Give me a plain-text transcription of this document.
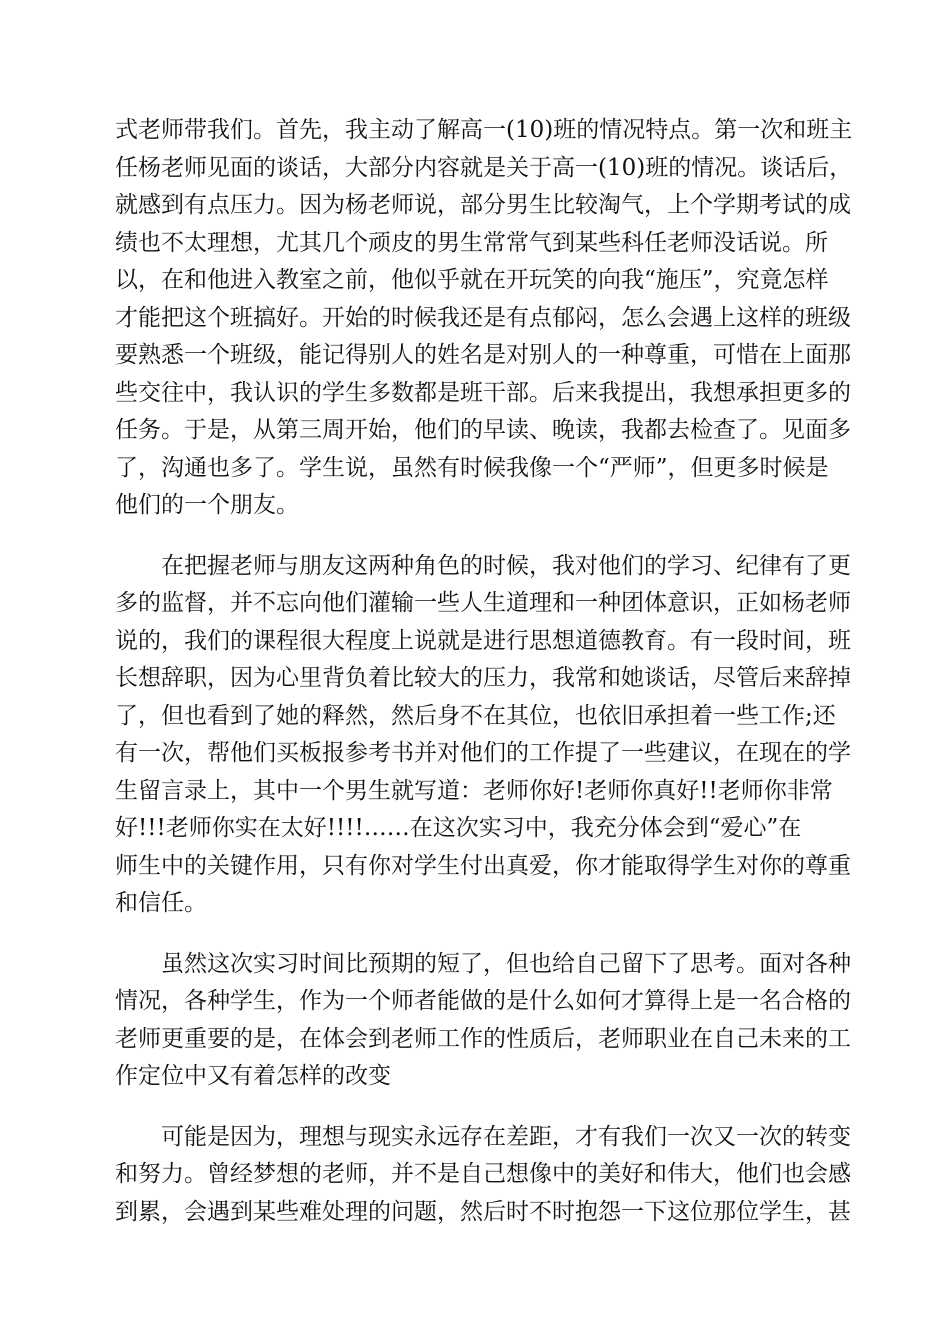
式老师带我们。首先，我主动了解高一(10)班的情况特点。第一次和班主
任杨老师见面的谈话，大部分内容就是关于高一(10)班的情况。谈话后，
就感到有点压力。因为杨老师说，部分男生比较淘气，上个学期考试的成
绩也不太理想，尤其几个顽皮的男生常常气到某些科任老师没话说。所
以，在和他进入教室之前，他似乎就在开玩笑的向我“施压”，究竟怎样
才能把这个班搞好。开始的时候我还是有点郁闷，怎么会遇上这样的班级
要熟悉一个班级，能记得别人的姓名是对别人的一种尊重，可惜在上面那
些交往中，我认识的学生多数都是班干部。后来我提出，我想承担更多的
任务。于是，从第三周开始，他们的早读、晚读，我都去检查了。见面多
了，沟通也多了。学生说，虽然有时候我像一个“严师”，但更多时候是
他们的一个朋友。
　　在把握老师与朋友这两种角色的时候，我对他们的学习、纪律有了更
多的监督，并不忘向他们灌输一些人生道理和一种团体意识，正如杨老师
说的，我们的课程很大程度上说就是进行思想道德教育。有一段时间，班
长想辞职，因为心里背负着比较大的压力，我常和她谈话，尽管后来辞掉
了，但也看到了她的释然，然后身不在其位，也依旧承担着一些工作;还
有一次，帮他们买板报参考书并对他们的工作提了一些建议，在现在的学
生留言录上，其中一个男生就写道：老师你好!老师你真好!!老师你非常
好!!!老师你实在太好!!!!……在这次实习中，我充分体会到“爱心”在
师生中的关键作用，只有你对学生付出真爱，你才能取得学生对你的尊重
和信任。
　　虽然这次实习时间比预期的短了，但也给自己留下了思考。面对各种
情况，各种学生，作为一个师者能做的是什么如何才算得上是一名合格的
老师更重要的是，在体会到老师工作的性质后，老师职业在自己未来的工
作定位中又有着怎样的改变
　　可能是因为，理想与现实永远存在差距，才有我们一次又一次的转变
和努力。曾经梦想的老师，并不是自己想像中的美好和伟大，他们也会感
到累，会遇到某些难处理的问题，然后时不时抱怨一下这位那位学生，甚
